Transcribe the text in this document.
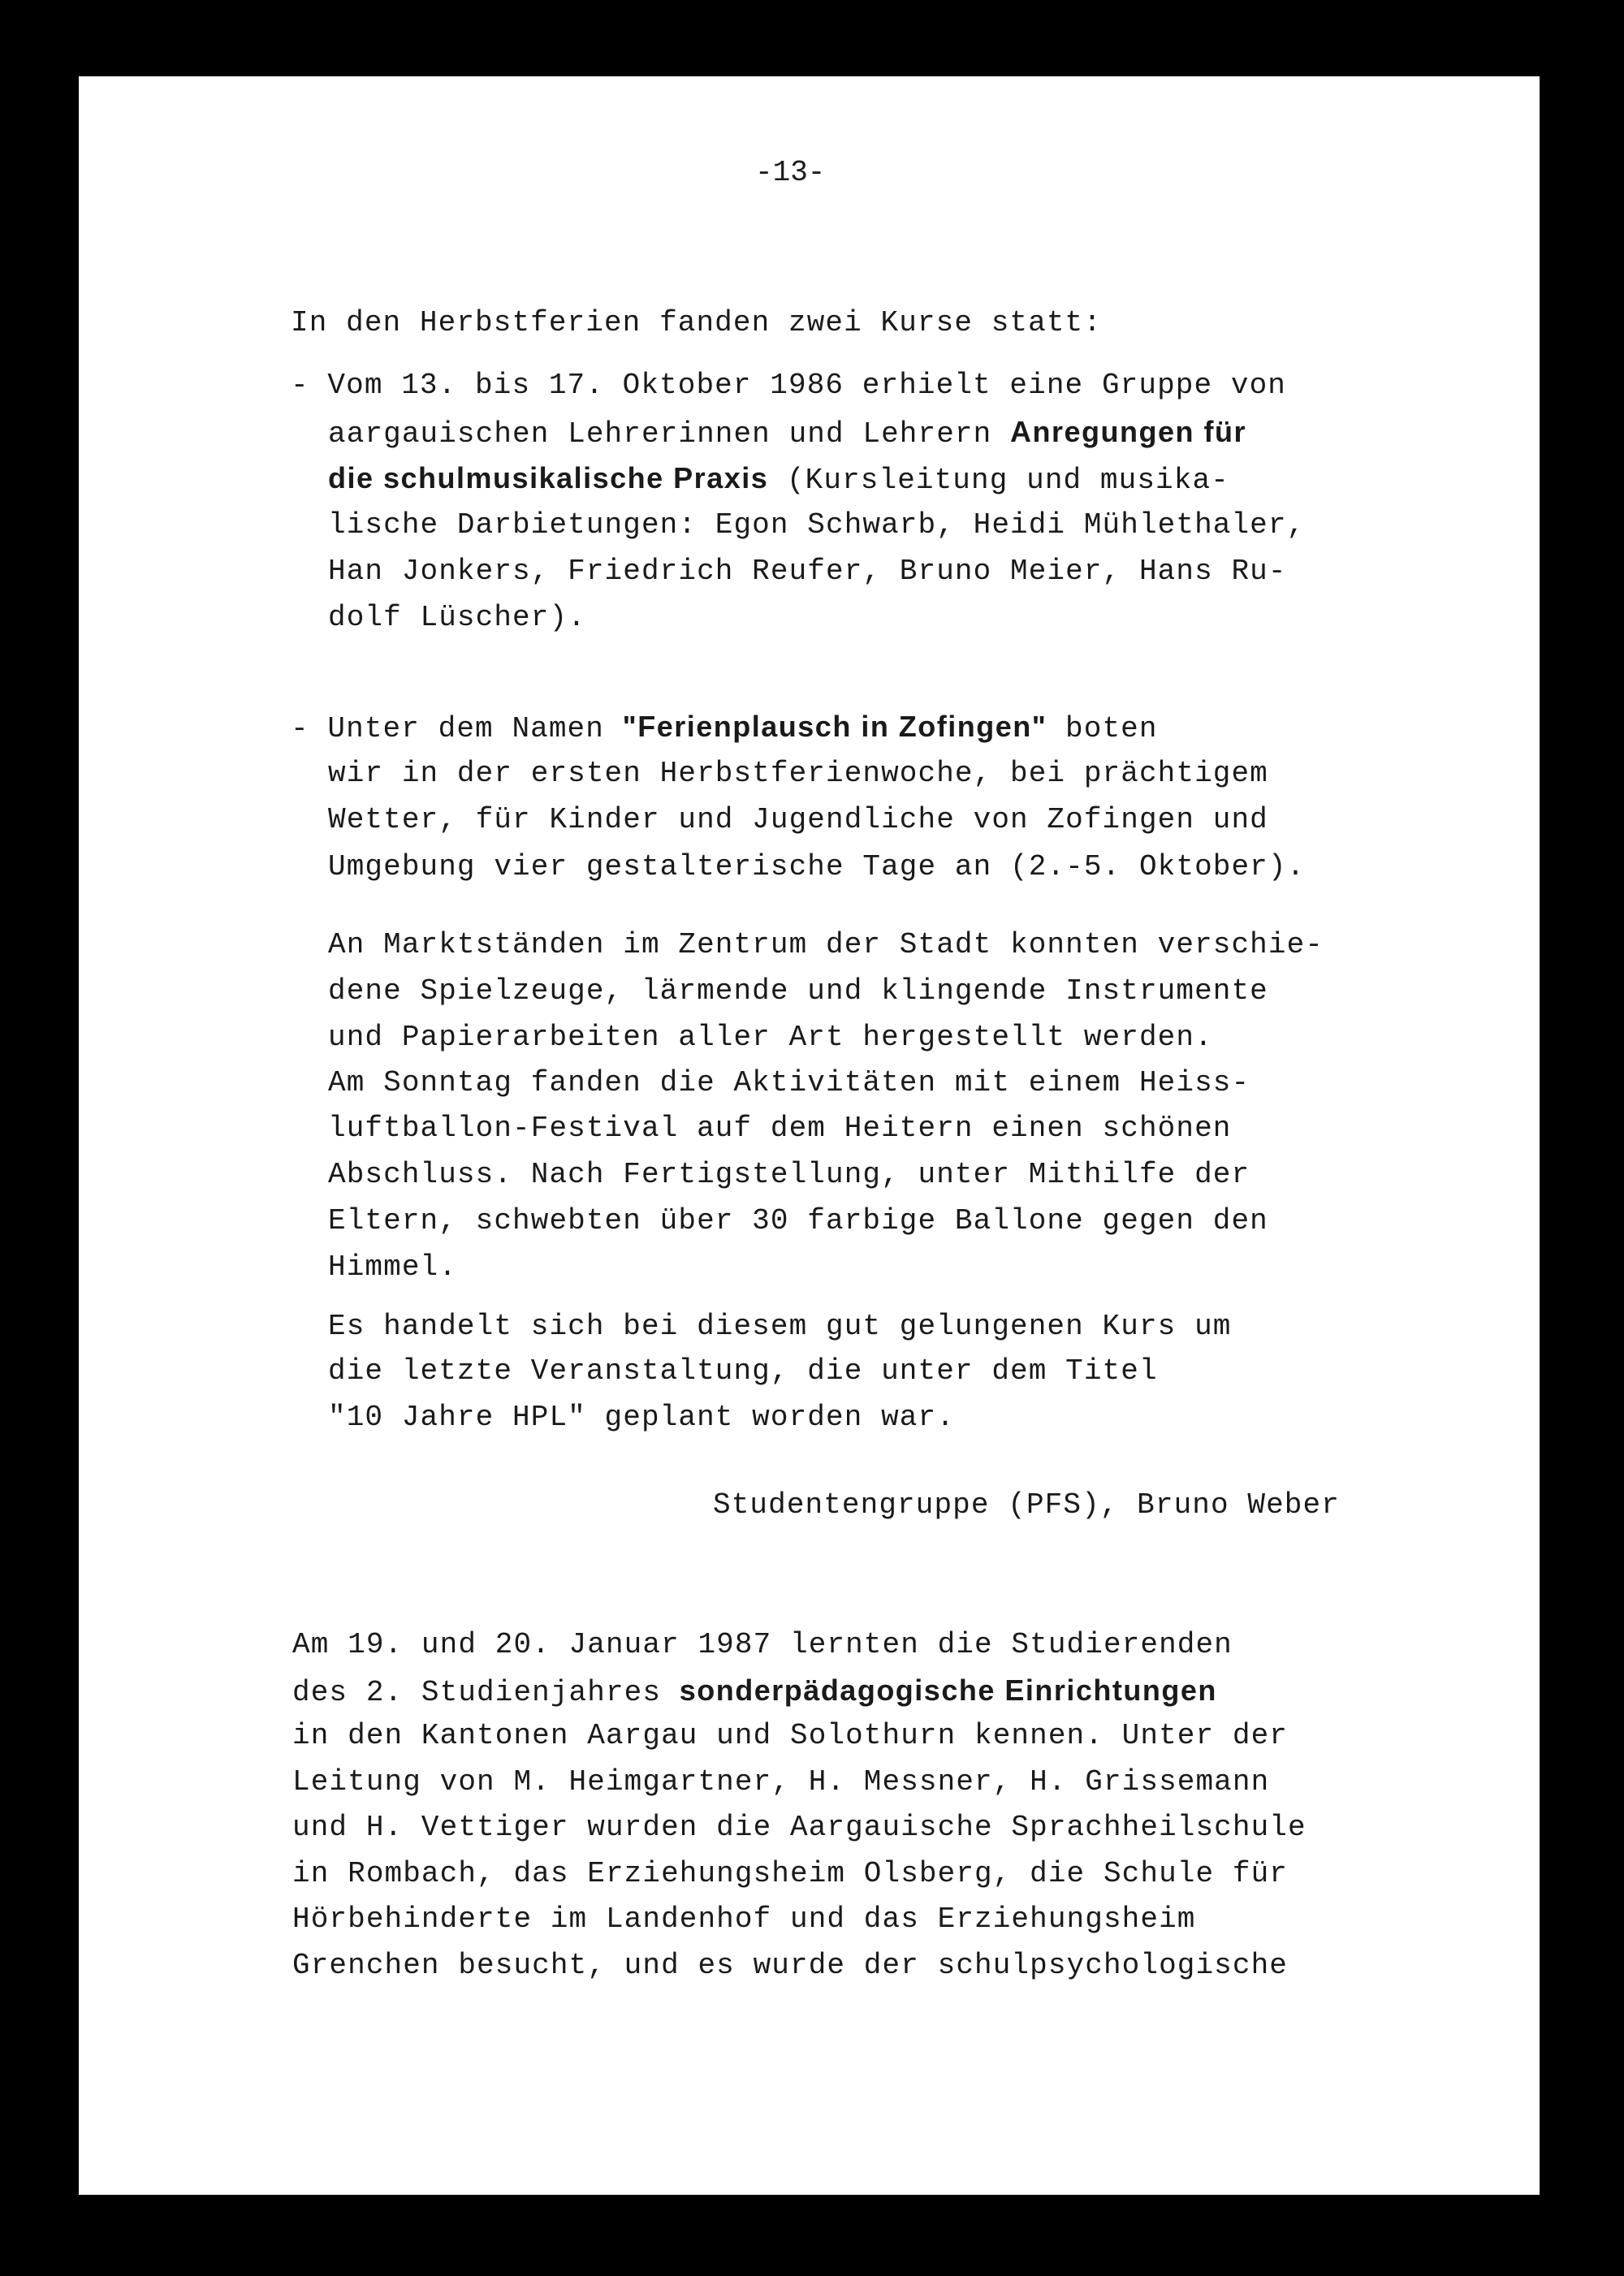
-13-
In den Herbstferien fanden zwei Kurse statt:
- Vom 13. bis 17. Oktober 1986 erhielt eine Gruppe von
aargauischen Lehrerinnen und Lehrern Anregungen für
die schulmusikalische Praxis (Kursleitung und musika-
lische Darbietungen: Egon Schwarb, Heidi Mühlethaler,
Han Jonkers, Friedrich Reufer, Bruno Meier, Hans Ru-
dolf Lüscher).
- Unter dem Namen "Ferienplausch in Zofingen" boten
wir in der ersten Herbstferienwoche, bei prächtigem
Wetter, für Kinder und Jugendliche von Zofingen und
Umgebung vier gestalterische Tage an (2.-5. Oktober).
An Marktständen im Zentrum der Stadt konnten verschie-
dene Spielzeuge, lärmende und klingende Instrumente
und Papierarbeiten aller Art hergestellt werden.
Am Sonntag fanden die Aktivitäten mit einem Heiss-
luftballon-Festival auf dem Heitern einen schönen
Abschluss. Nach Fertigstellung, unter Mithilfe der
Eltern, schwebten über 30 farbige Ballone gegen den
Himmel.
Es handelt sich bei diesem gut gelungenen Kurs um
die letzte Veranstaltung, die unter dem Titel
"10 Jahre HPL" geplant worden war.
Studentengruppe (PFS), Bruno Weber
Am 19. und 20. Januar 1987 lernten die Studierenden
des 2. Studienjahres sonderpädagogische Einrichtungen
in den Kantonen Aargau und Solothurn kennen. Unter der
Leitung von M. Heimgartner, H. Messner, H. Grissemann
und H. Vettiger wurden die Aargauische Sprachheilschule
in Rombach, das Erziehungsheim Olsberg, die Schule für
Hörbehinderte im Landenhof und das Erziehungsheim
Grenchen besucht, und es wurde der schulpsychologische
